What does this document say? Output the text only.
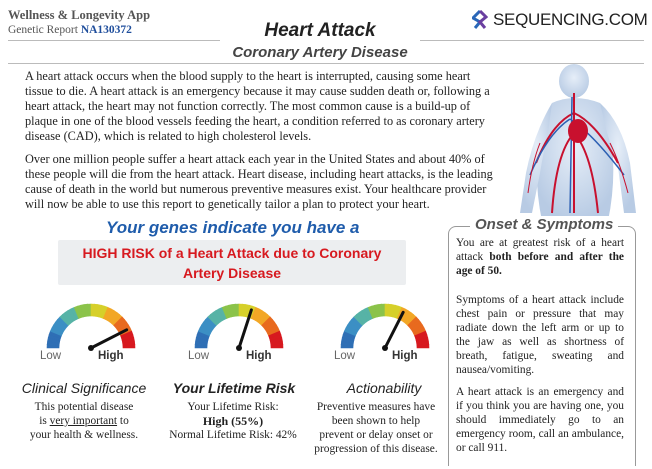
Wellness & Longevity App
Genetic Report NA130372
SEQUENCING.COM
Heart Attack
Coronary Artery Disease
A heart attack occurs when the blood supply to the heart is interrupted, causing some heart
tissue to die. A heart attack is an emergency because it may cause sudden death or, following a
heart attack, the heart may not function correctly. The most common cause is a build-up of
plaque in one of the blood vessels feeding the heart, a condition referred to as coronary artery
disease (CAD), which is related to high cholesterol levels.
Over one million people suffer a heart attack each year in the United States and about 40% of
these people will die from the heart attack. Heart disease, including heart attacks, is the leading
cause of death in the world but numerous preventive measures exist. Your healthcare provider
will now be able to use this report to genetically tailor a plan to protect your heart.
Your genes indicate you have a
HIGH RISK of a Heart Attack due to Coronary
Artery Disease
Low	High	Low	High	Low	High
Clinical Significance
This potential disease
is very important to
your health & wellness.
Your Lifetime Risk
Your Lifetime Risk:
High (55%)
Normal Lifetime Risk: 42%
Actionability
Preventive measures have
been shown to help
prevent or delay onset or
progression of this disease.
Onset & Symptoms
You are at greatest risk of a heart attack both before and after the age of 50.
Symptoms of a heart attack include chest pain or pressure that may radiate down the left arm or up to the jaw as well as shortness of breath, fatigue, sweating and nausea/vomiting.
A heart attack is an emergency and if you think you are having one, you should immediately go to an emergency room, call an ambulance, or call 911.
